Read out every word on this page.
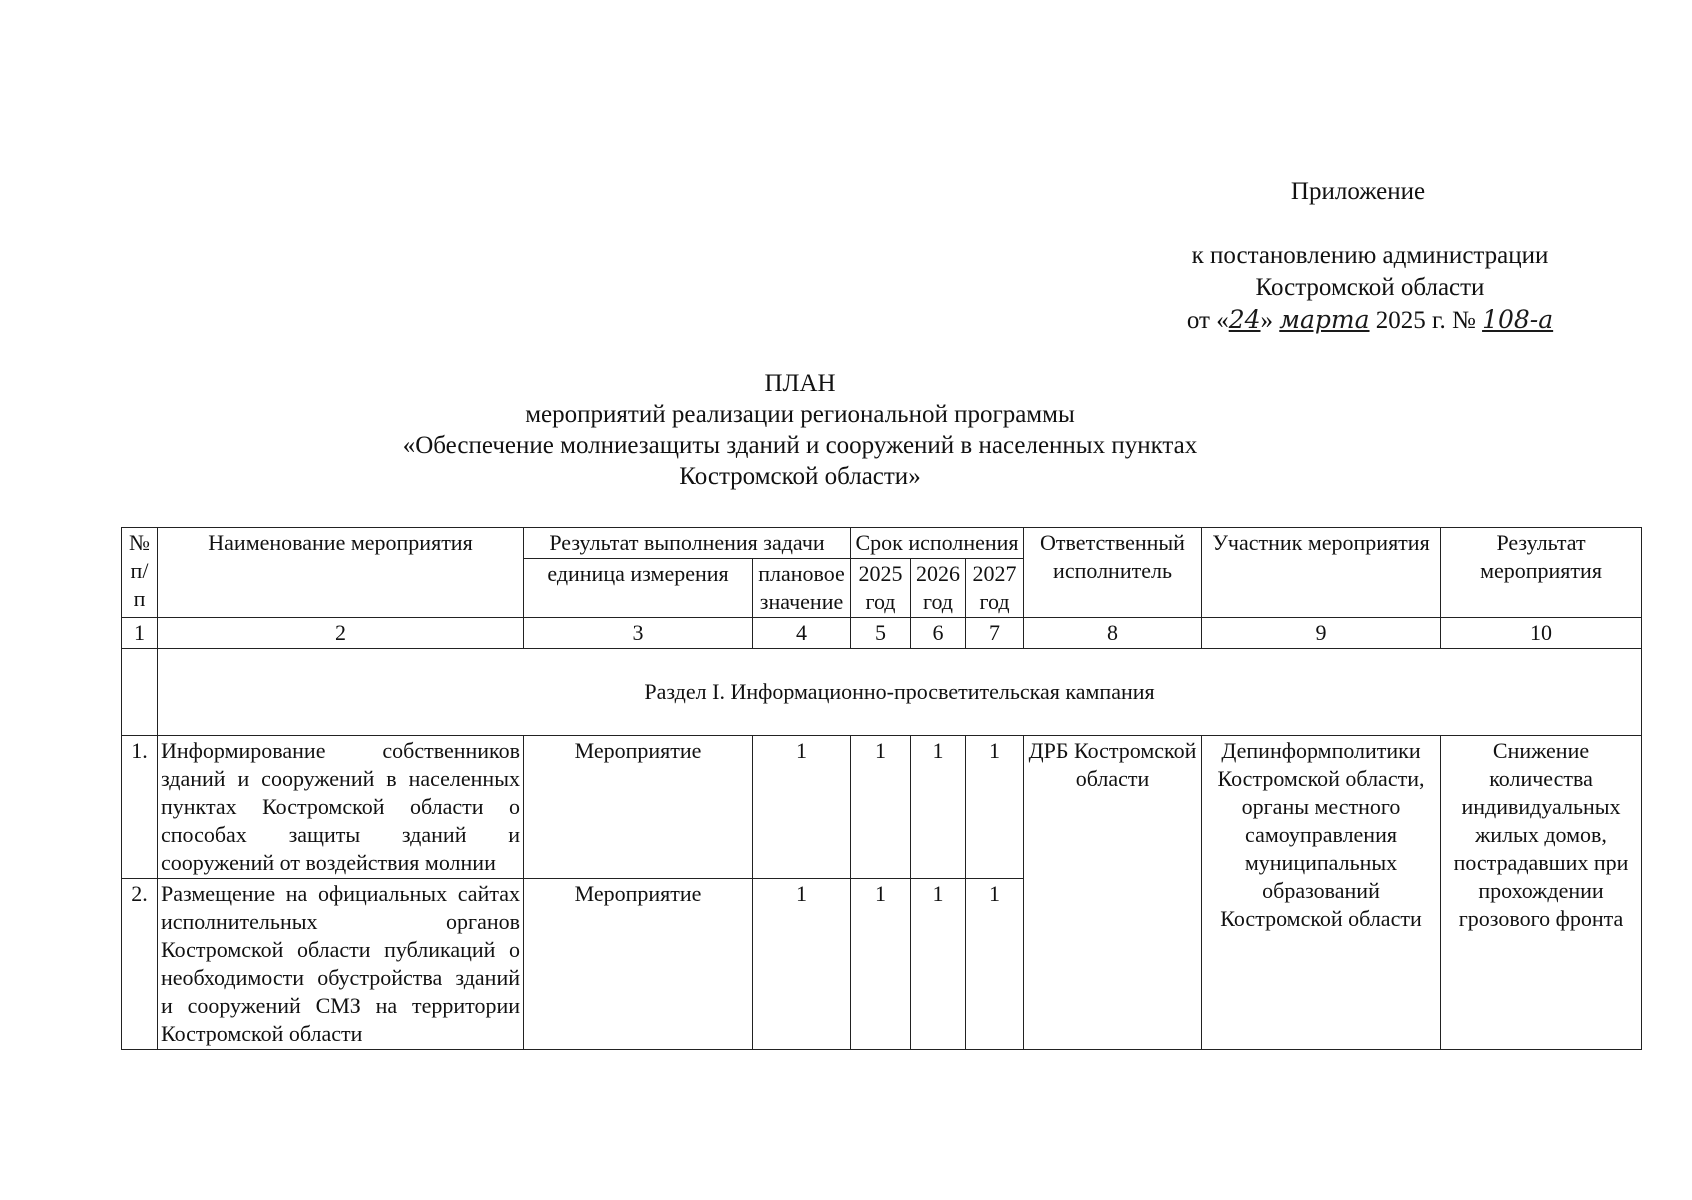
Приложение
к постановлению администрации
Костромской области
от «24» марта 2025 г. № 108-а
ПЛАН
мероприятий реализации региональной программы
«Обеспечение молниезащиты зданий и сооружений в населенных пунктах
Костромской области»
№ п/п	Наименование мероприятия	Результат выполнения задачи		Срок исполнения			Ответственный исполнитель	Участник мероприятия	Результат мероприятия
		единица измерения	плановое значение	2025 год	2026 год	2027 год			
1	2	3	4	5	6	7	8	9	10
	Раздел I. Информационно-просветительская кампания								
1.	Информирование собственников зданий и сооружений в населенных пунктах Костромской области о способах защиты зданий и сооружений от воздействия молнии	Мероприятие	1	1	1	1	ДРБ Костромской области	Депинформполитики Костромской области, органы местного самоуправления муниципальных образований Костромской области	Снижение количества индивидуальных жилых домов, пострадавших при прохождении грозового фронта
2.	Размещение на официальных сайтах исполнительных органов Костромской области публикаций о необходимости обустройства зданий и сооружений СМЗ на территории Костромской области	Мероприятие	1	1	1	1			
